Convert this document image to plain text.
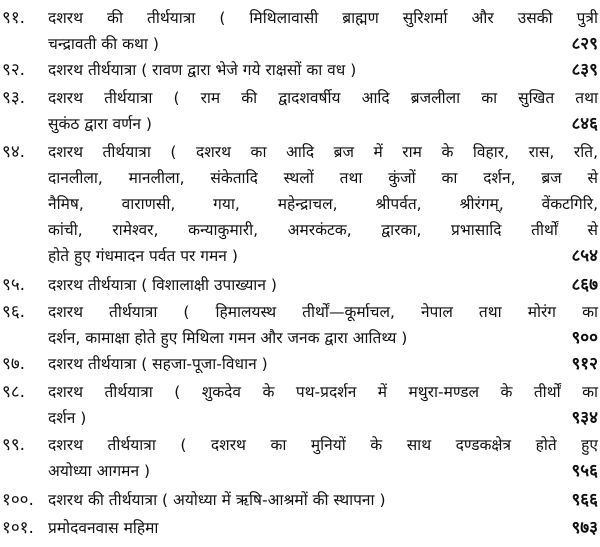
९१. दशरथ की तीर्थयात्रा ( मिथिलावासी ब्राह्मण सुरिशर्मा और उसकी पुत्री
चन्द्रावती की कथा )	८२९
९२. दशरथ तीर्थयात्रा ( रावण द्वारा भेजे गये राक्षसों का वध )	८३९
९३. दशरथ तीर्थयात्रा ( राम की द्वादशवर्षीय आदि ब्रजलीला का सुखित तथा
सुकंठ द्वारा वर्णन )	८४६
९४. दशरथ तीर्थयात्रा ( दशरथ का आदि ब्रज में राम के विहार, रास, रति,
दानलीला, मानलीला, संकेतादि स्थलों तथा कुंजों का दर्शन, ब्रज से
नैमिष, वाराणसी, गया, महेन्द्राचल, श्रीपर्वत, श्रीरंगम्, वेंकटगिरि,
कांची, रामेश्वर, कन्याकुमारी, अमरकंटक, द्वारका, प्रभासादि तीर्थों से
होते हुए गंधमादन पर्वत पर गमन )	८५४
९५. दशरथ तीर्थयात्रा ( विशालाक्षी उपाख्यान )	८६७
९६. दशरथ तीर्थयात्रा ( हिमालयस्थ तीर्थों—कूर्माचल, नेपाल तथा मोरंग का
दर्शन, कामाक्षा होते हुए मिथिला गमन और जनक द्वारा आतिथ्य )	९००
९७. दशरथ तीर्थयात्रा ( सहजा-पूजा-विधान )	९१२
९८. दशरथ तीर्थयात्रा ( शुकदेव के पथ-प्रदर्शन में मथुरा-मण्डल के तीर्थों का
दर्शन )	९३४
९९. दशरथ तीर्थयात्रा ( दशरथ का मुनियों के साथ दण्डकक्षेत्र होते हुए
अयोध्या आगमन )	९५६
१००. दशरथ की तीर्थयात्रा ( अयोध्या में ऋषि-आश्रमों की स्थापना )	९६६
१०१. प्रमोदवनवास महिमा	९७३
